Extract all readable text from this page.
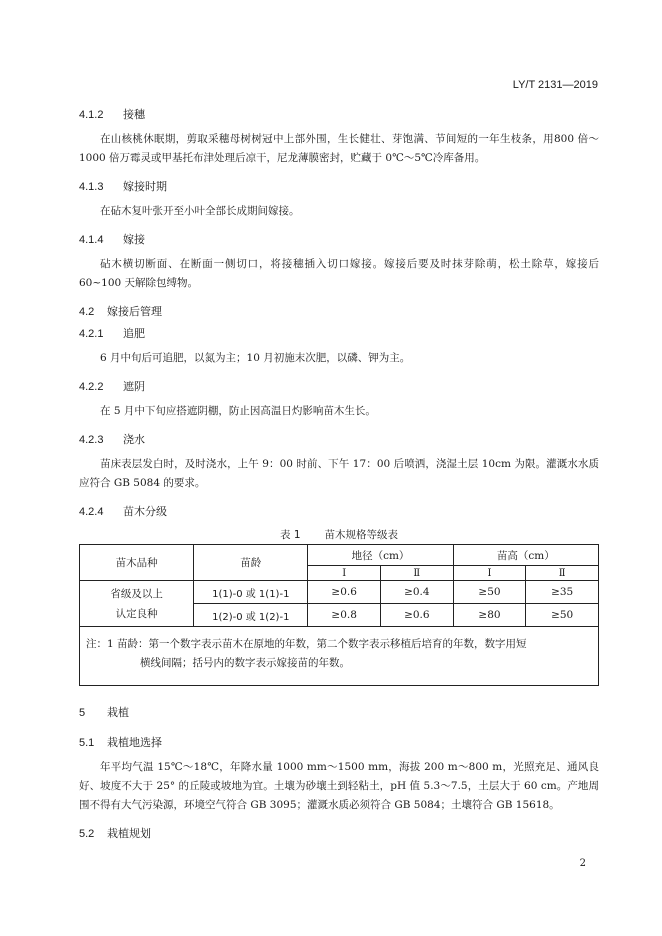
LY/T 2131—2019

4.1.2 接穗

在山核桃休眠期，剪取采穗母树树冠中上部外围，生长健壮、芽饱满、节间短的一年生枝条，用800 倍～1000 倍万霉灵或甲基托布津处理后凉干，尼龙薄膜密封，贮藏于 0℃～5℃冷库备用。

4.1.3 嫁接时期

在砧木复叶张开至小叶全部长成期间嫁接。

4.1.4 嫁接

砧木横切断面、在断面一侧切口，将接穗插入切口嫁接。嫁接后要及时抹芽除萌，松土除草，嫁接后 60~100 天解除包缚物。

4.2 嫁接后管理

4.2.1 追肥

6 月中旬后可追肥，以氮为主；10 月初施末次肥，以磷、钾为主。

4.2.2 遮阴

在 5 月中下旬应搭遮阴棚，防止因高温日灼影响苗木生长。

4.2.3 浇水

苗床表层发白时，及时浇水，上午 9：00 时前、下午 17：00 后喷洒，浇湿土层 10cm 为限。灌溉水水质应符合 GB 5084 的要求。

4.2.4 苗木分级

表 1 苗木规格等级表
苗木品种	苗龄	地径（cm）		苗高（cm）	
		Ⅰ	Ⅱ	Ⅰ	Ⅱ

省级及以上
认定良种	1(1)-0 或 1(1)-1	≥0.6	≥0.4	≥50	≥35
	1(2)-0 或 1(2)-1	≥0.8	≥0.6	≥80	≥50

注：1 苗龄：第一个数字表示苗木在原地的年数，第二个数字表示移植后培育的年数，数字用短
横线间隔；括号内的数字表示嫁接苗的年数。					

5 栽植

5.1 栽植地选择

年平均气温 15℃～18℃，年降水量 1000 mm～1500 mm，海拔 200 m～800 m，光照充足、通风良好、坡度不大于 25° 的丘陵或坡地为宜。土壤为砂壤土到轻粘土，pH 值 5.3～7.5，土层大于 60 cm。产地周围不得有大气污染源，环境空气符合 GB 3095；灌溉水质必须符合 GB 5084；土壤符合 GB 15618。

5.2 栽植规划

2
